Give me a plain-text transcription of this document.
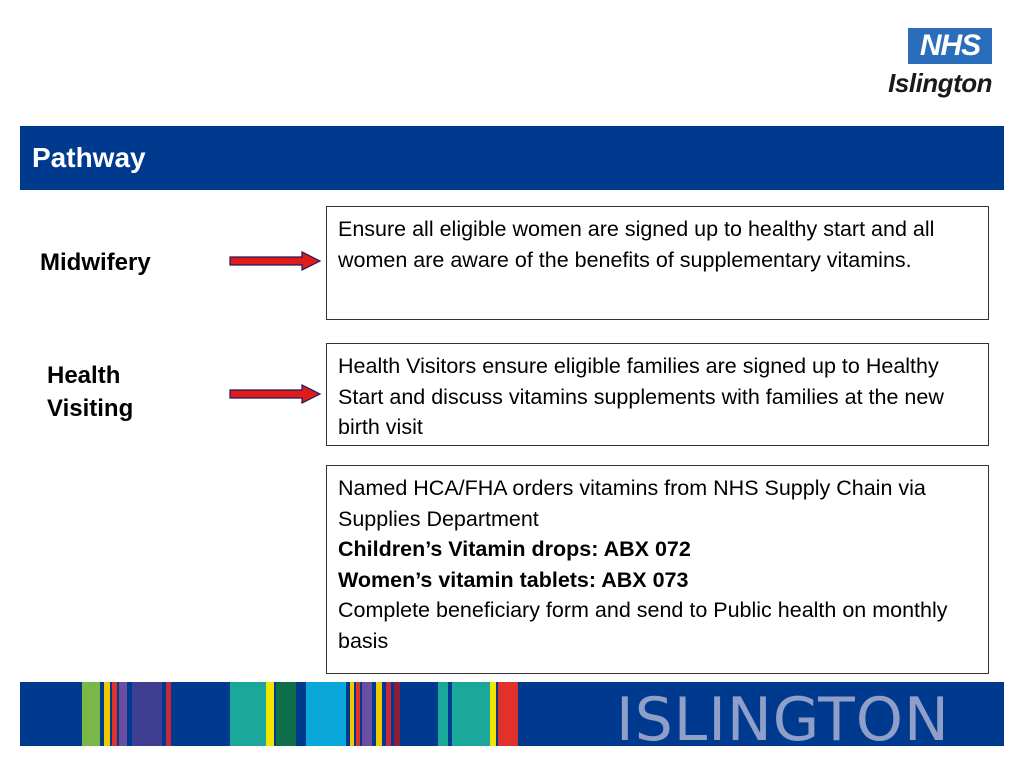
NHS
Islington
Pathway
Midwifery
Health Visiting
Ensure all eligible women are signed up to healthy start and all women are aware of the benefits of supplementary vitamins.
Health Visitors ensure eligible families are signed up to Healthy Start and discuss vitamins supplements with families at the new birth visit
Named HCA/FHA orders vitamins from NHS Supply Chain via Supplies Department
Children’s Vitamin drops: ABX 072
Women’s vitamin tablets: ABX 073
Complete beneficiary form and send to Public health on monthly basis
ISLINGTON
